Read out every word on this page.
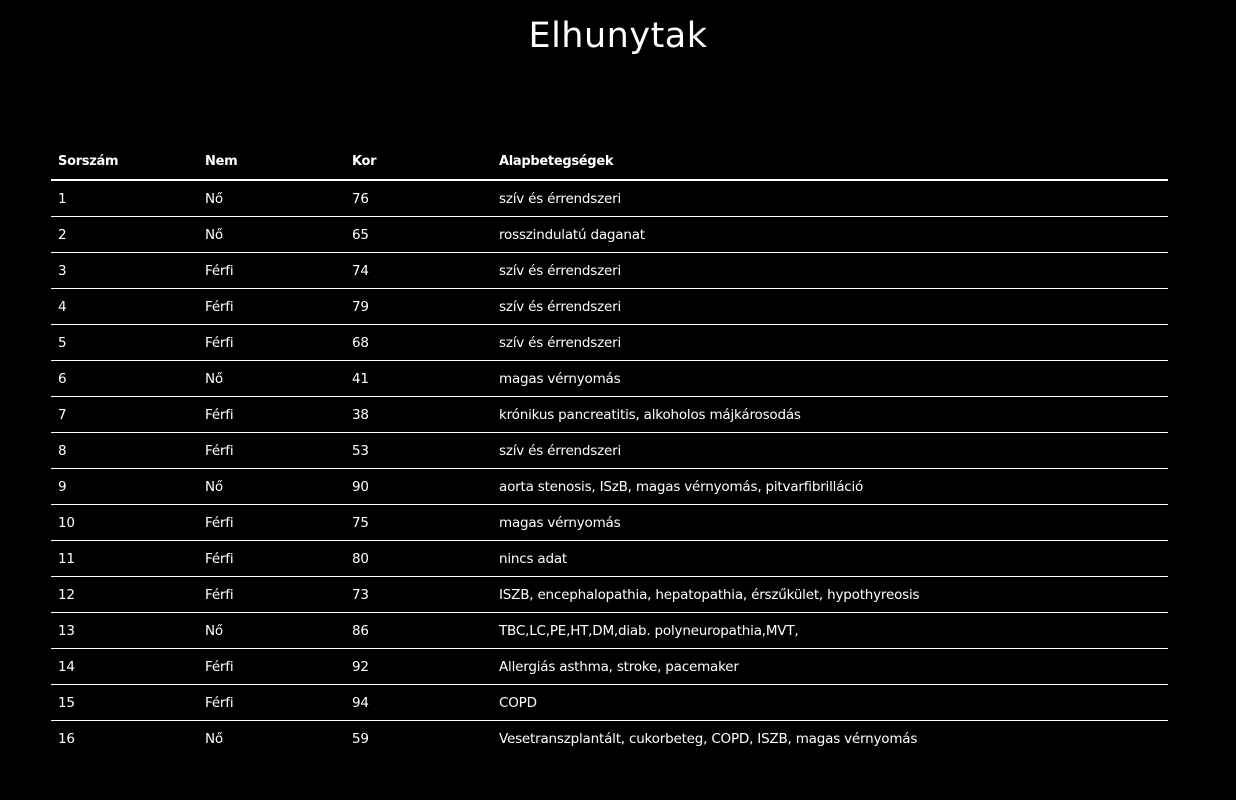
Elhunytak
Sorszám	Nem	Kor	Alapbetegségek
1	Nő	76	szív és érrendszeri
2	Nő	65	rosszindulatú daganat
3	Férfi	74	szív és érrendszeri
4	Férfi	79	szív és érrendszeri
5	Férfi	68	szív és érrendszeri
6	Nő	41	magas vérnyomás
7	Férfi	38	krónikus pancreatitis, alkoholos májkárosodás
8	Férfi	53	szív és érrendszeri
9	Nő	90	aorta stenosis, ISzB, magas vérnyomás, pitvarfibrilláció
10	Férfi	75	magas vérnyomás
11	Férfi	80	nincs adat
12	Férfi	73	ISZB, encephalopathia, hepatopathia, érszűkület, hypothyreosis
13	Nő	86	TBC,LC,PE,HT,DM,diab. polyneuropathia,MVT,
14	Férfi	92	Allergiás asthma, stroke, pacemaker
15	Férfi	94	COPD
16	Nő	59	Vesetranszplantált, cukorbeteg, COPD, ISZB, magas vérnyomás
